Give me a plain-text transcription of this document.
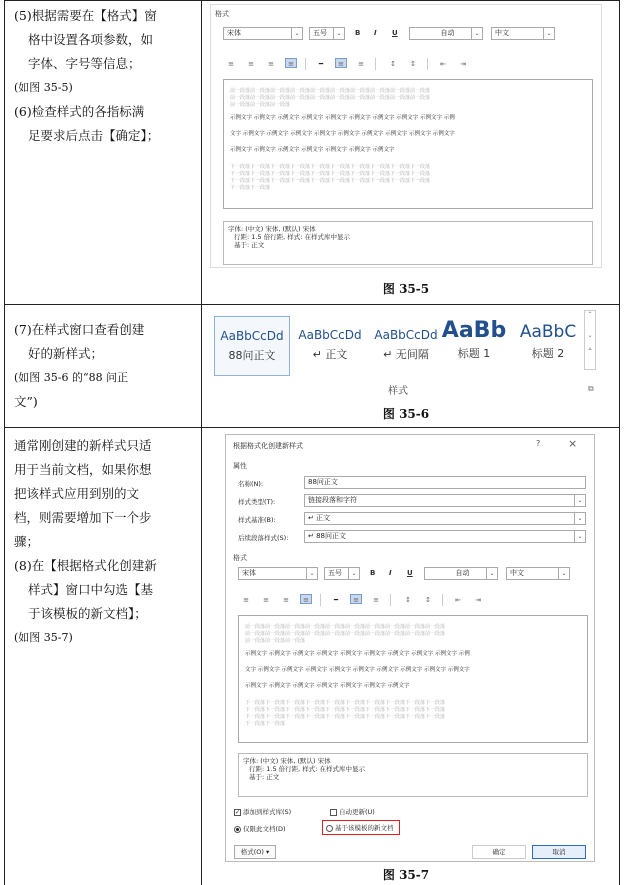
(5)根据需要在【格式】窗

格中设置各项参数，如

字体、字号等信息；

(如图 35-5)

(6)检查样式的各指标满

足要求后点击【确定】；

(7)在样式窗口查看创建

好的新样式；

(如图 35-6 的“88 问正

文”)

通常刚创建的新样式只适

用于当前文档，如果你想

把该样式应用到别的文

档，则需要增加下一个步

骤；

(8)在【根据格式化创建新

样式】窗口中勾选【基

于该模板的新文档】；

(如图 35-7)

格式
宋体	⌄	五号	⌄	B I U	自动	⌄	中文	⌄
≡	≡	≡	≡	━	≡	≡	↕	↕	⇤	⇥
前一段落前一段落前一段落前一段落前一段落前一段落前一段落前一段落前一段落前一段落
前一段落前一段落前一段落前一段落前一段落前一段落前一段落前一段落前一段落前一段落
前一段落前一段落前一段落
示例文字 示例文字 示例文字 示例文字 示例文字 示例文字 示例文字 示例文字 示例文字 示例
文字 示例文字 示例文字 示例文字 示例文字 示例文字 示例文字 示例文字 示例文字 示例文字
示例文字 示例文字 示例文字 示例文字 示例文字 示例文字 示例文字
下一段落下一段落下一段落下一段落下一段落下一段落下一段落下一段落下一段落下一段落
下一段落下一段落下一段落下一段落下一段落下一段落下一段落下一段落下一段落下一段落
下一段落下一段落下一段落下一段落下一段落下一段落下一段落下一段落下一段落下一段落
下一段落下一段落
字体: (中文) 宋体, (默认) 宋体
行距: 1.5 倍行距, 样式: 在样式库中显示
基于: 正文
图 35-5
AaBbCcDd
88问正文
AaBbCcDd
↵ 正文
AaBbCcDd
↵ 无间隔
AaBb
标题 1
AaBbC
标题 2
⌃
⌄
⩡
样式	⧉
图 35-6
根据格式化创建新样式	?	×
属性
名称(N):	88问正文
样式类型(T):	链接段落和字符	⌄
样式基准(B):	↵ 正文	⌄
后续段落样式(S):	↵ 88问正文	⌄
格式
宋体	⌄	五号	⌄	B I U	自动	⌄	中文	⌄
≡	≡	≡	≡	━	≡	≡	↕	↕	⇤	⇥
前一段落前一段落前一段落前一段落前一段落前一段落前一段落前一段落前一段落前一段落
前一段落前一段落前一段落前一段落前一段落前一段落前一段落前一段落前一段落前一段落
前一段落前一段落前一段落
示例文字 示例文字 示例文字 示例文字 示例文字 示例文字 示例文字 示例文字 示例文字 示例
文字 示例文字 示例文字 示例文字 示例文字 示例文字 示例文字 示例文字 示例文字 示例文字
示例文字 示例文字 示例文字 示例文字 示例文字 示例文字 示例文字
下一段落下一段落下一段落下一段落下一段落下一段落下一段落下一段落下一段落下一段落
下一段落下一段落下一段落下一段落下一段落下一段落下一段落下一段落下一段落下一段落
下一段落下一段落下一段落下一段落下一段落下一段落下一段落下一段落下一段落下一段落
下一段落下一段落
字体: (中文) 宋体, (默认) 宋体
行距: 1.5 倍行距, 样式: 在样式库中显示
基于: 正文
✓ 添加到样式库(S)	自动更新(U)
仅限此文档(D)	基于该模板的新文档
格式(O) ▾	确定	取消
图 35-7
